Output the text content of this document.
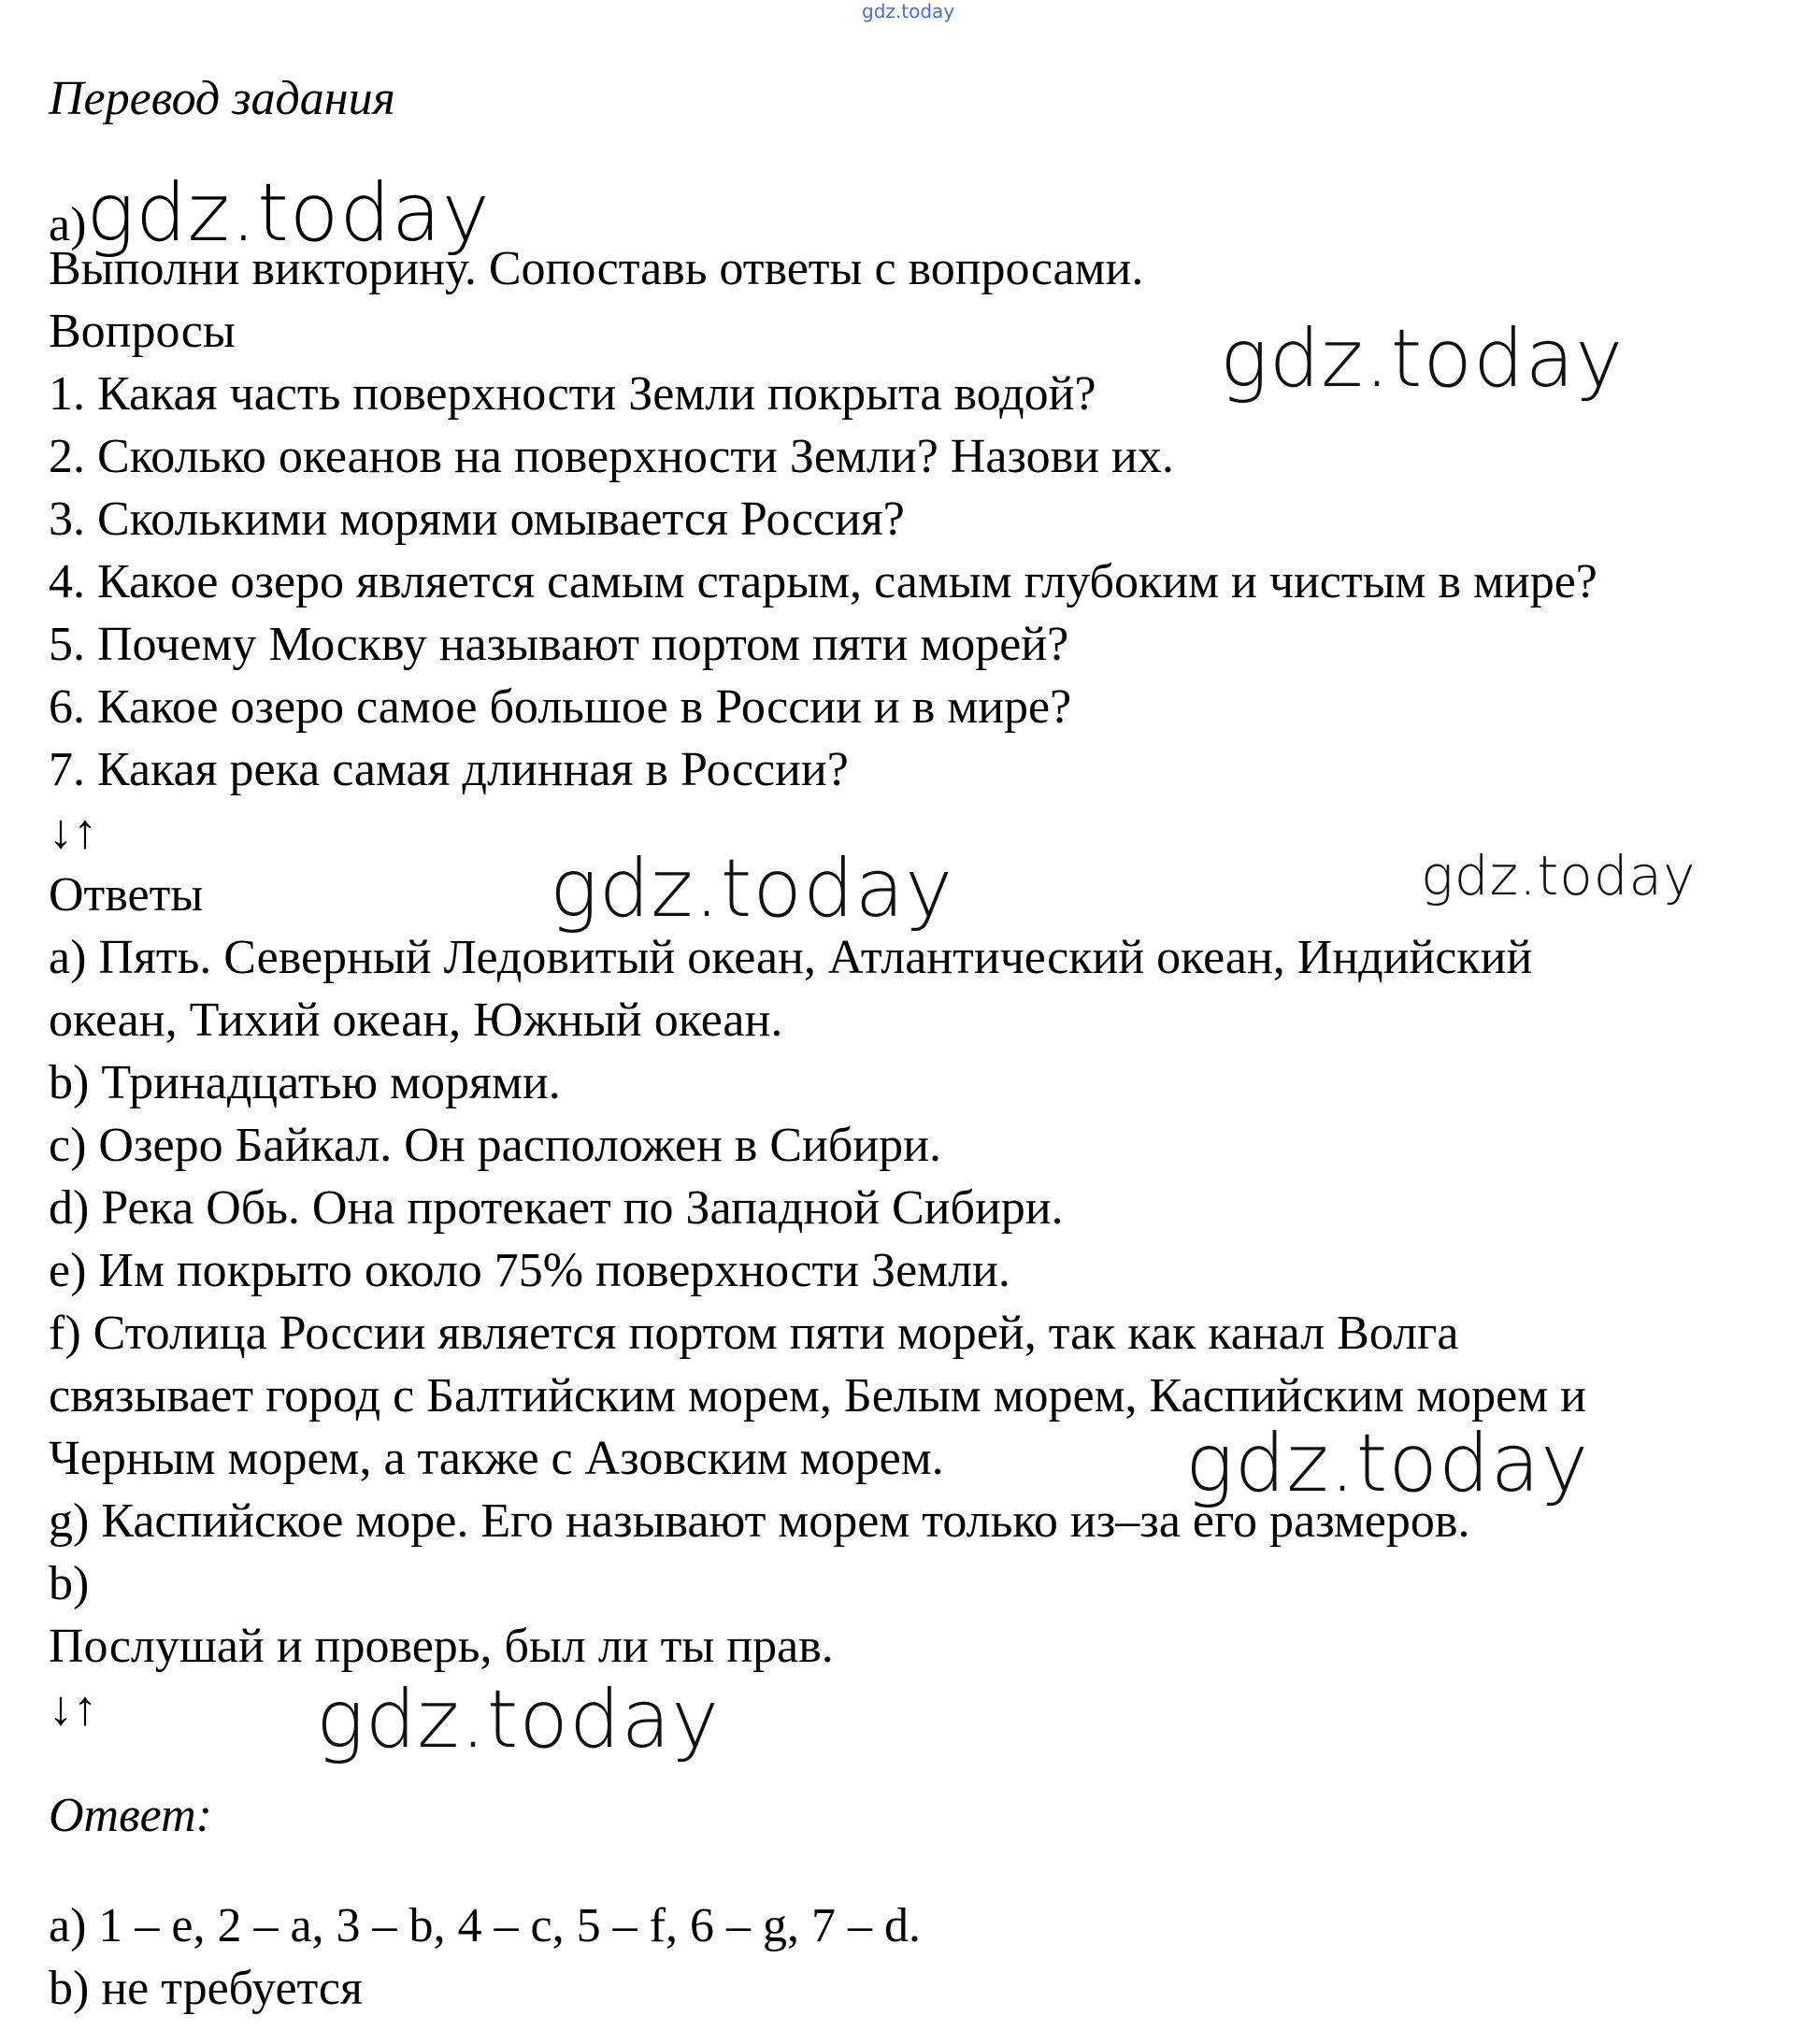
gdz.today
Перевод задания
a)gdz.today
Выполни викторину. Сопоставь ответы с вопросами.
Вопросы
1. Какая часть поверхности Земли покрыта водой?
2. Сколько океанов на поверхности Земли? Назови их.
3. Сколькими морями омывается Россия?
4. Какое озеро является самым старым, самым глубоким и чистым в мире?
5. Почему Москву называют портом пяти морей?
6. Какое озеро самое большое в России и в мире?
7. Какая река самая длинная в России?
↓↑
Ответы
a) Пять. Северный Ледовитый океан, Атлантический океан, Индийский
океан, Тихий океан, Южный океан.
b) Тринадцатью морями.
c) Озеро Байкал. Он расположен в Сибири.
d) Река Обь. Она протекает по Западной Сибири.
e) Им покрыто около 75% поверхности Земли.
f) Столица России является портом пяти морей, так как канал Волга
связывает город с Балтийским морем, Белым морем, Каспийским морем и
Черным морем, а также с Азовским морем.
g) Каспийское море. Его называют морем только из–за его размеров.
b)
Послушай и проверь, был ли ты прав.
↓↑
Ответ:
a) 1 – e, 2 – a, 3 – b, 4 – c, 5 – f, 6 – g, 7 – d.
b) не требуется
gdz.today
gdz.today	gdz.today
gdz.today
gdz.today
